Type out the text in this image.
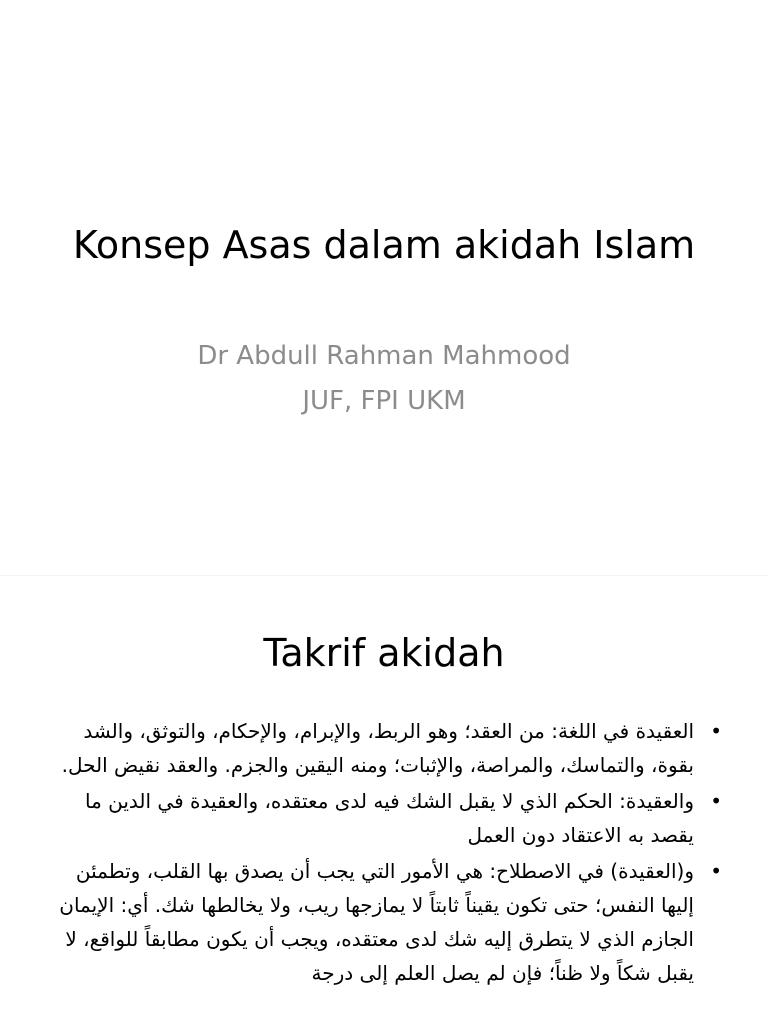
Konsep Asas dalam akidah Islam
Dr Abdull Rahman Mahmood
JUF, FPI UKM
Takrif akidah
•
العقيدة في اللغة: من العقد؛ وهو الربط، والإبرام، والإحكام، والتوثق، والشد بقوة، والتماسك، والمراصة، والإثبات؛ ومنه اليقين والجزم. والعقد نقيض الحل.
•
والعقيدة: الحكم الذي لا يقبل الشك فيه لدى معتقده، والعقيدة في الدين ما يقصد به الاعتقاد دون العمل
•
و(العقيدة) في الاصطلاح: هي الأمور التي يجب أن يصدق بها القلب، وتطمئن إليها النفس؛ حتى تكون يقيناً ثابتاً لا يمازجها ريب، ولا يخالطها شك. أي: الإيمان الجازم الذي لا يتطرق إليه شك لدى معتقده، ويجب أن يكون مطابقاً للواقع، لا يقبل شكاً ولا ظناً؛ فإن لم يصل العلم إلى درجة
